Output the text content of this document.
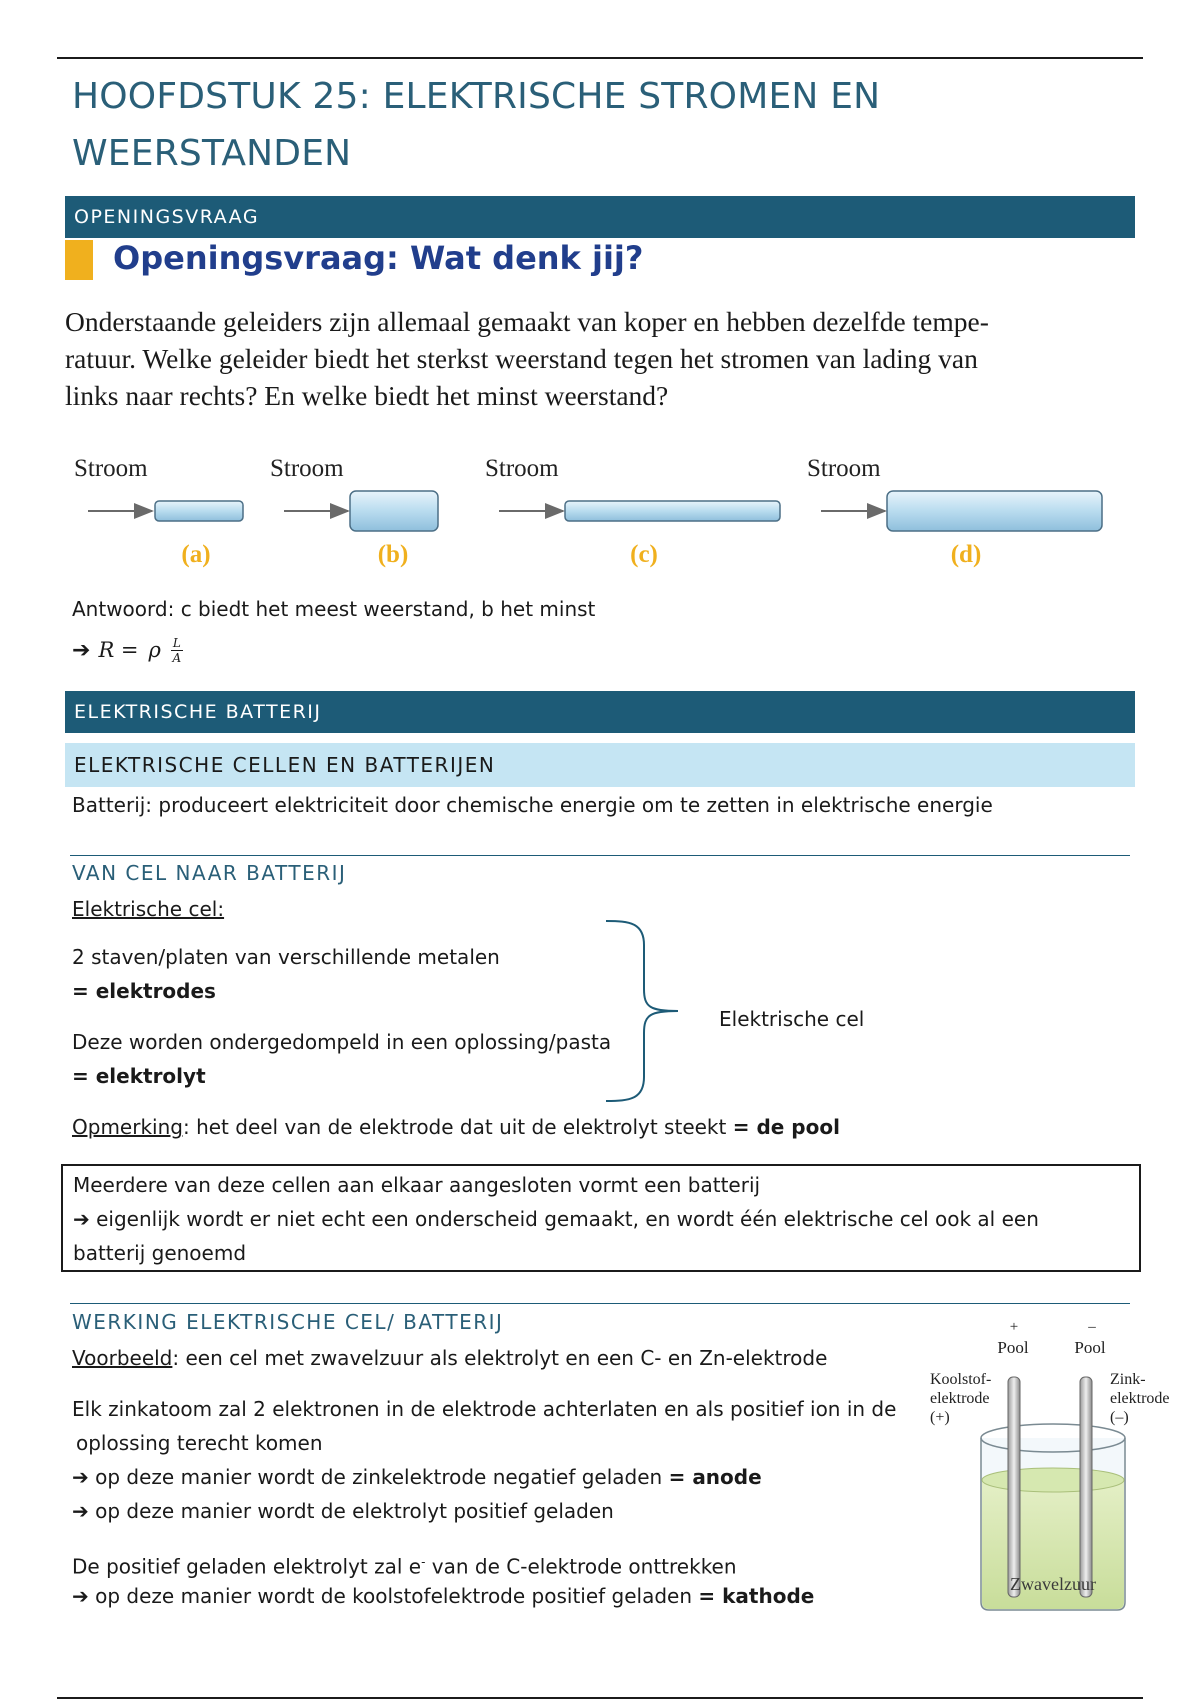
HOOFDSTUK 25: ELEKTRISCHE STROMEN EN
WEERSTANDEN
OPENINGSVRAAG
Openingsvraag: Wat denk jij?
Onderstaande geleiders zijn allemaal gemaakt van koper en hebben dezelfde tempe-
ratuur. Welke geleider biedt het sterkst weerstand tegen het stromen van lading van
links naar rechts? En welke biedt het minst weerstand?
Stroom
(a)
Stroom
(b)
Stroom
(c)
Stroom
(d)
Antwoord: c biedt het meest weerstand, b het minst
➔ R = ρ $\frac{L}{A}$
ELEKTRISCHE BATTERIJ
ELEKTRISCHE CELLEN EN BATTERIJEN
Batterij: produceert elektriciteit door chemische energie om te zetten in elektrische energie
VAN CEL NAAR BATTERIJ
Elektrische cel:
2 staven/platen van verschillende metalen
= elektrodes
Deze worden ondergedompeld in een oplossing/pasta
= elektrolyt
Elektrische cel
Opmerking: het deel van de elektrode dat uit de elektrolyt steekt = de pool
Meerdere van deze cellen aan elkaar aangesloten vormt een batterij
➔ eigenlijk wordt er niet echt een onderscheid gemaakt, en wordt één elektrische cel ook al een
batterij genoemd
WERKING ELEKTRISCHE CEL/ BATTERIJ
Voorbeeld: een cel met zwavelzuur als elektrolyt en een C- en Zn-elektrode
Elk zinkatoom zal 2 elektronen in de elektrode achterlaten en als positief ion in de
oplossing terecht komen
➔ op deze manier wordt de zinkelektrode negatief geladen = anode
➔ op deze manier wordt de elektrolyt positief geladen
De positief geladen elektrolyt zal e- van de C-elektrode onttrekken
➔ op deze manier wordt de koolstofelektrode positief geladen = kathode
+	–
Pool	Pool
Koolstof-
elektrode
(+)
Zink-
elektrode
(–)
Zwavelzuur
